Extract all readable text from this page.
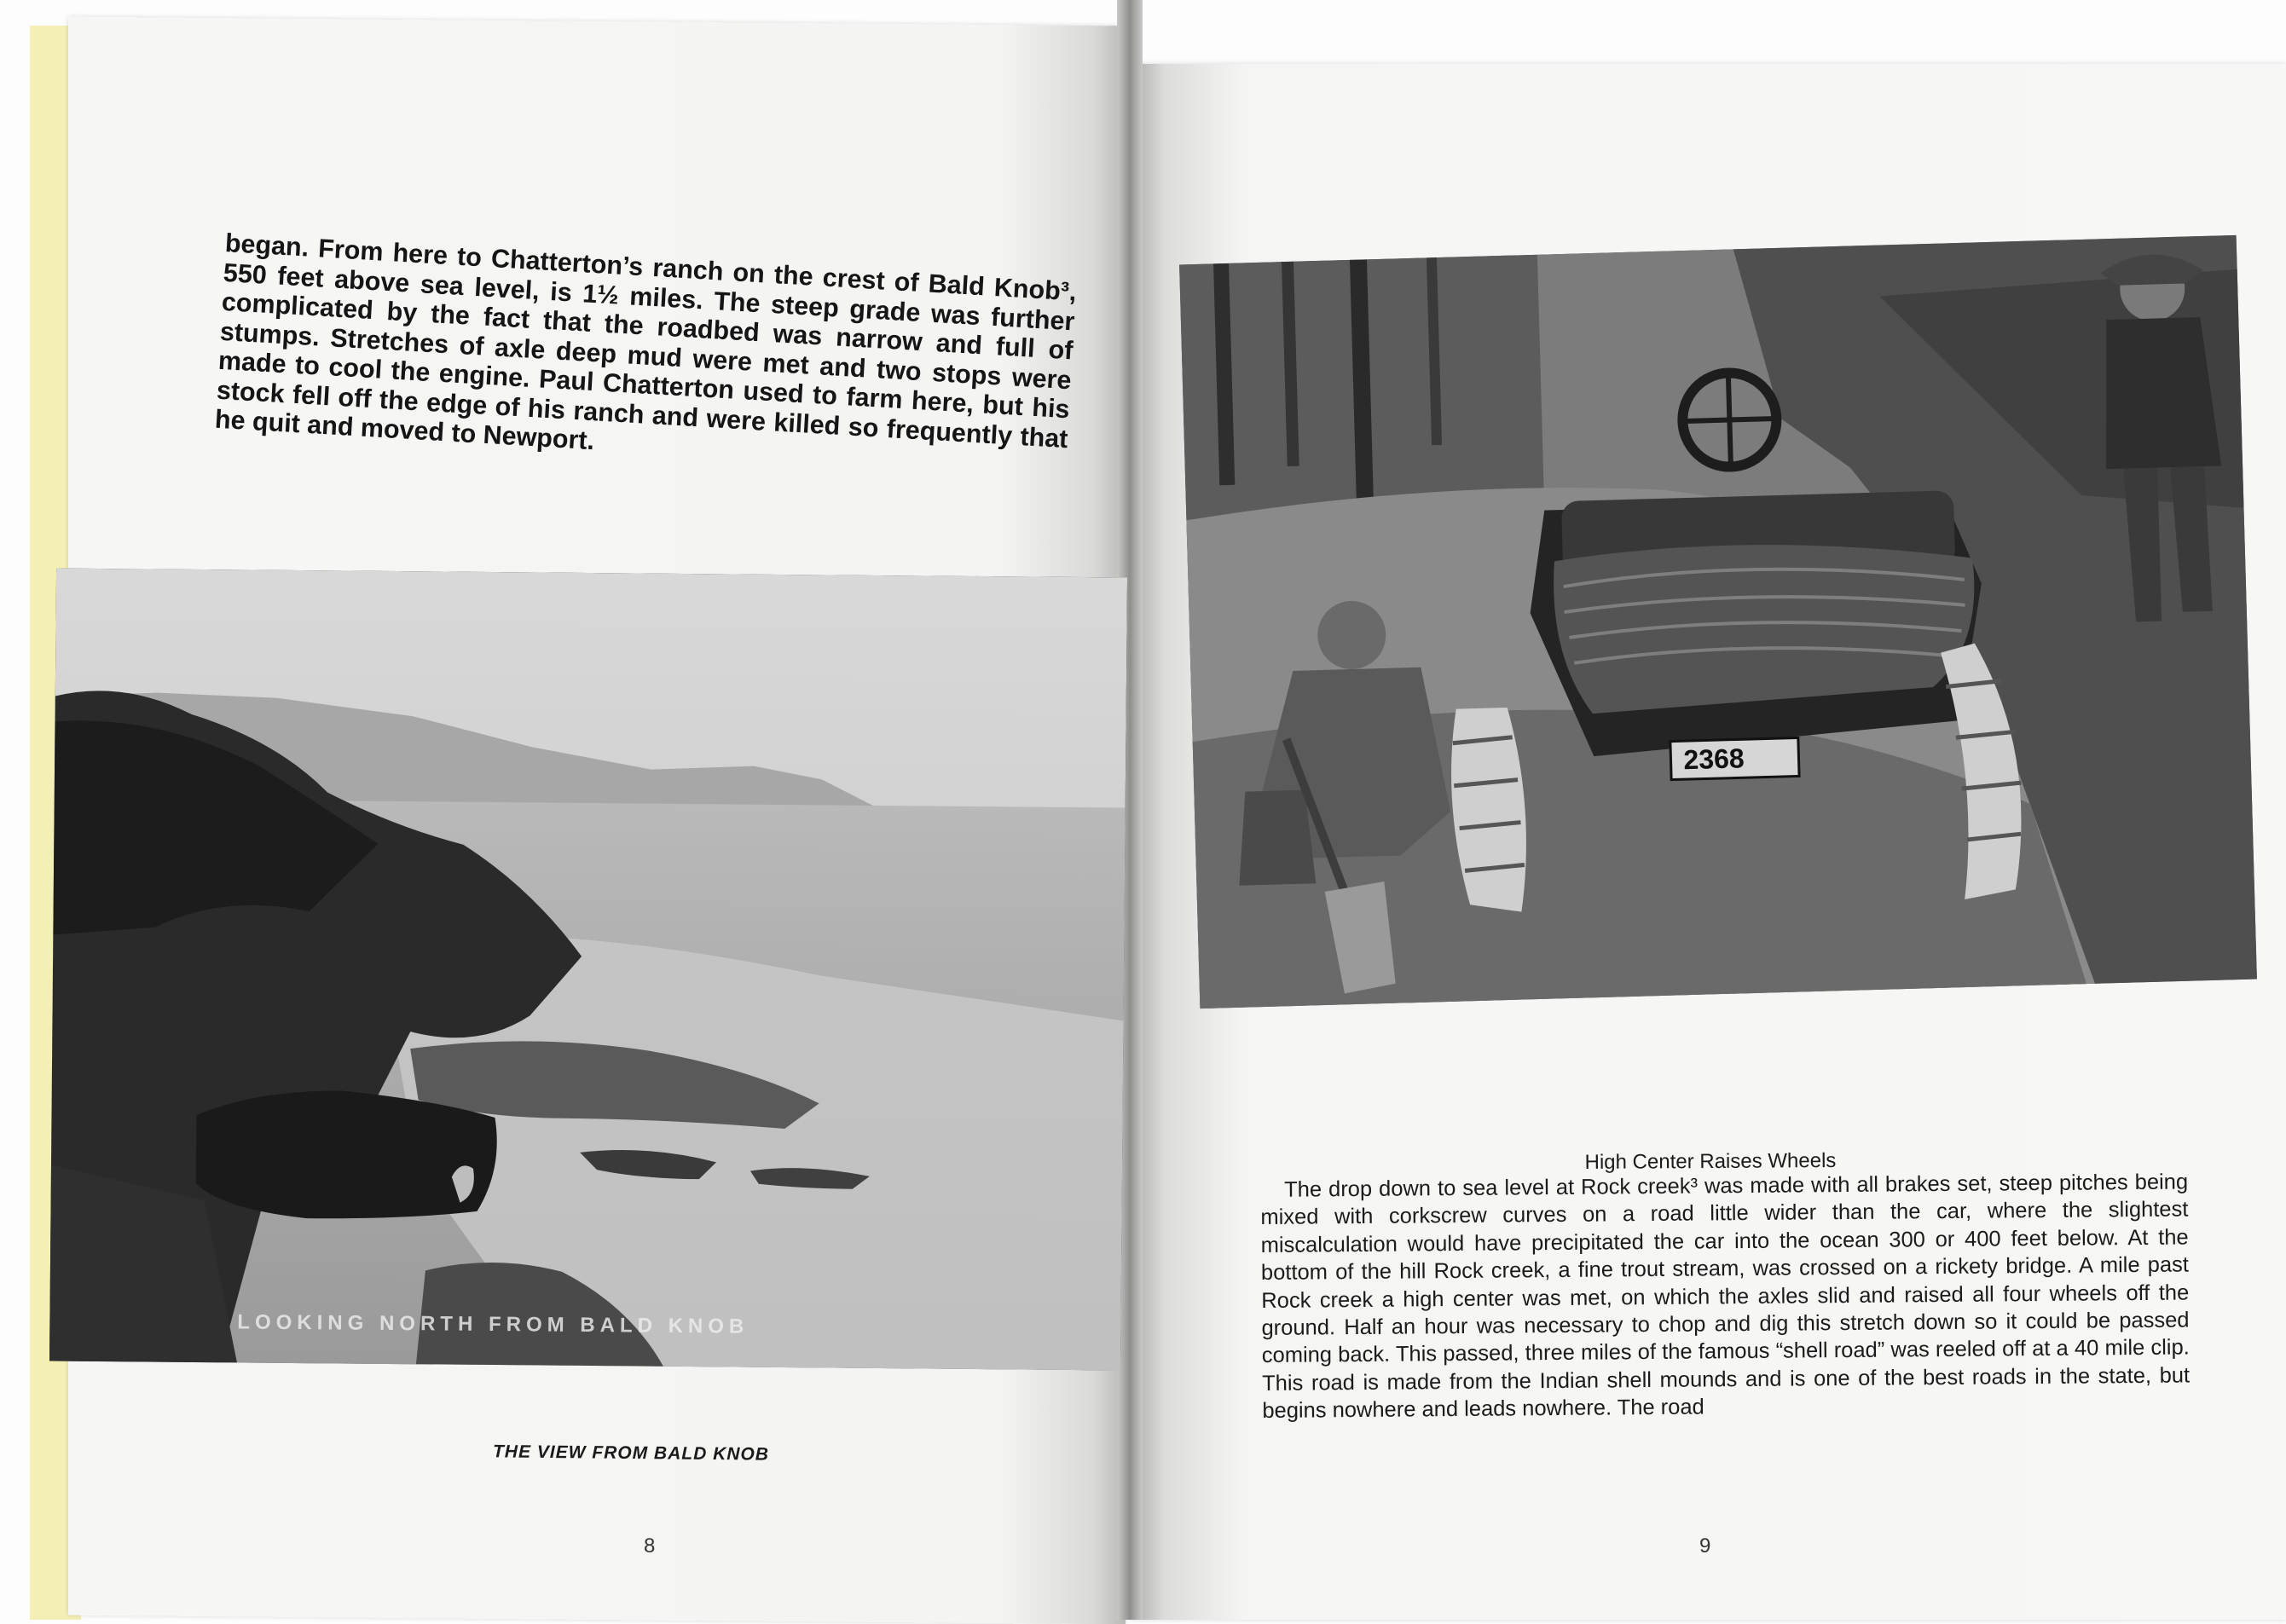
began. From here to Chatterton’s ranch on the crest of Bald Knob³, 550 feet above sea level, is 1½ miles. The steep grade was further complicated by the fact that the roadbed was narrow and full of stumps. Stretches of axle deep mud were met and two stops were made to cool the engine. Paul Chatterton used to farm here, but his stock fell off the edge of his ranch and were killed so frequently that he quit and moved to Newport.
LOOKING NORTH FROM BALD KNOB
THE VIEW FROM BALD KNOB
8
2368
High Center Raises Wheels
The drop down to sea level at Rock creek³ was made with all brakes set, steep pitches being mixed with corkscrew curves on a road little wider than the car, where the slightest miscalculation would have precipitated the car into the ocean 300 or 400 feet below. At the bottom of the hill Rock creek, a fine trout stream, was crossed on a rickety bridge. A mile past Rock creek a high center was met, on which the axles slid and raised all four wheels off the ground. Half an hour was necessary to chop and dig this stretch down so it could be passed coming back. This passed, three miles of the famous “shell road” was reeled off at a 40 mile clip. This road is made from the Indian shell mounds and is one of the best roads in the state, but begins nowhere and leads nowhere. The road
9
